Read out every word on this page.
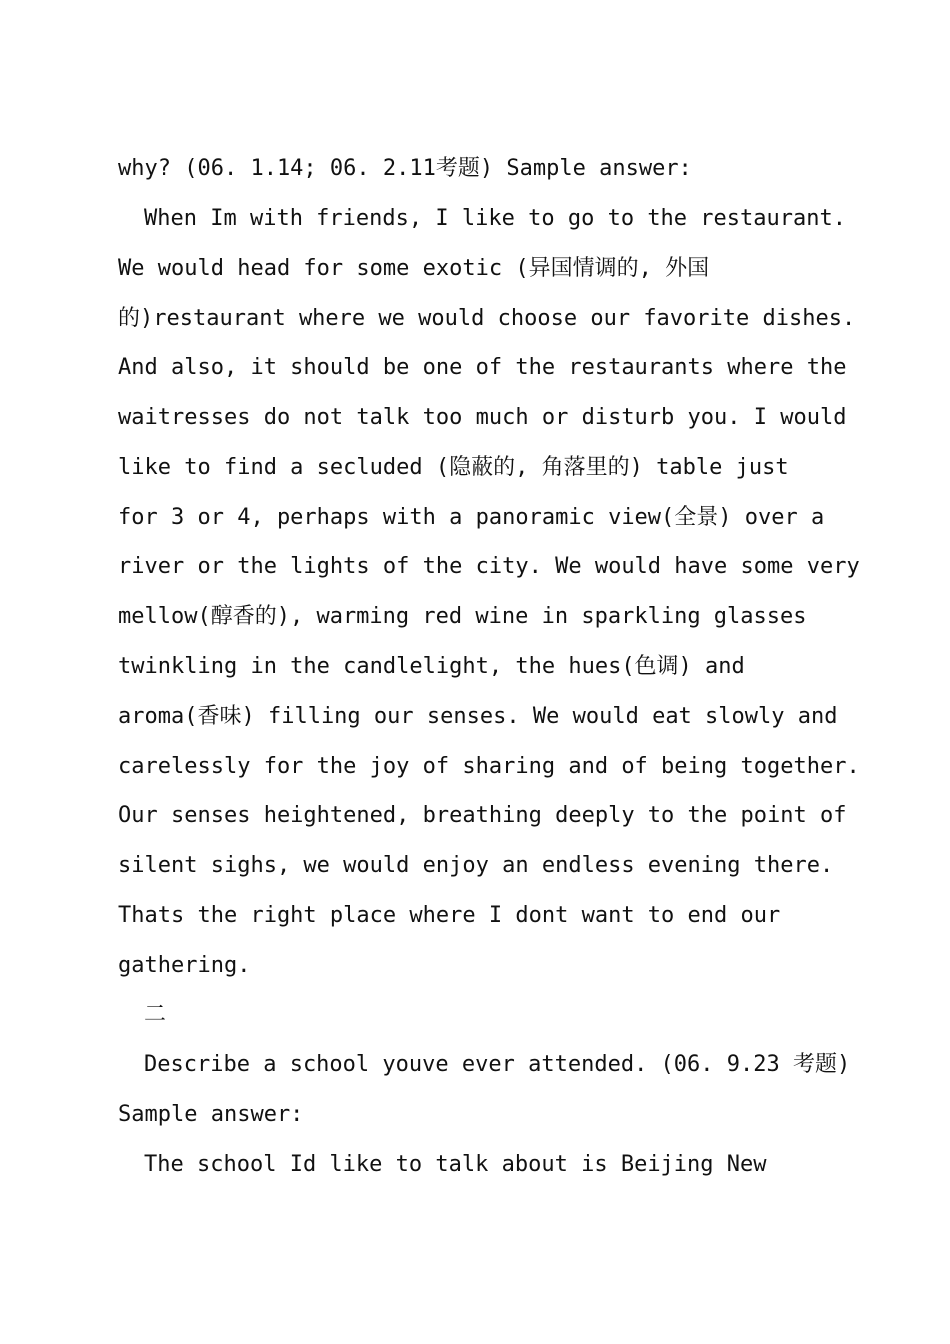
why? (06. 1.14; 06. 2.11考题) Sample answer:
When Im with friends, I like to go to the restaurant.
We would head for some exotic (异国情调的, 外国
的)restaurant where we would choose our favorite dishes.
And also, it should be one of the restaurants where the
waitresses do not talk too much or disturb you. I would
like to find a secluded (隐蔽的, 角落里的) table just
for 3 or 4, perhaps with a panoramic view(全景) over a
river or the lights of the city. We would have some very
mellow(醇香的), warming red wine in sparkling glasses
twinkling in the candlelight, the hues(色调) and
aroma(香味) filling our senses. We would eat slowly and
carelessly for the joy of sharing and of being together.
Our senses heightened, breathing deeply to the point of
silent sighs, we would enjoy an endless evening there.
Thats the right place where I dont want to end our
gathering.
二
Describe a school youve ever attended. (06. 9.23 考题)
Sample answer:
The school Id like to talk about is Beijing New
